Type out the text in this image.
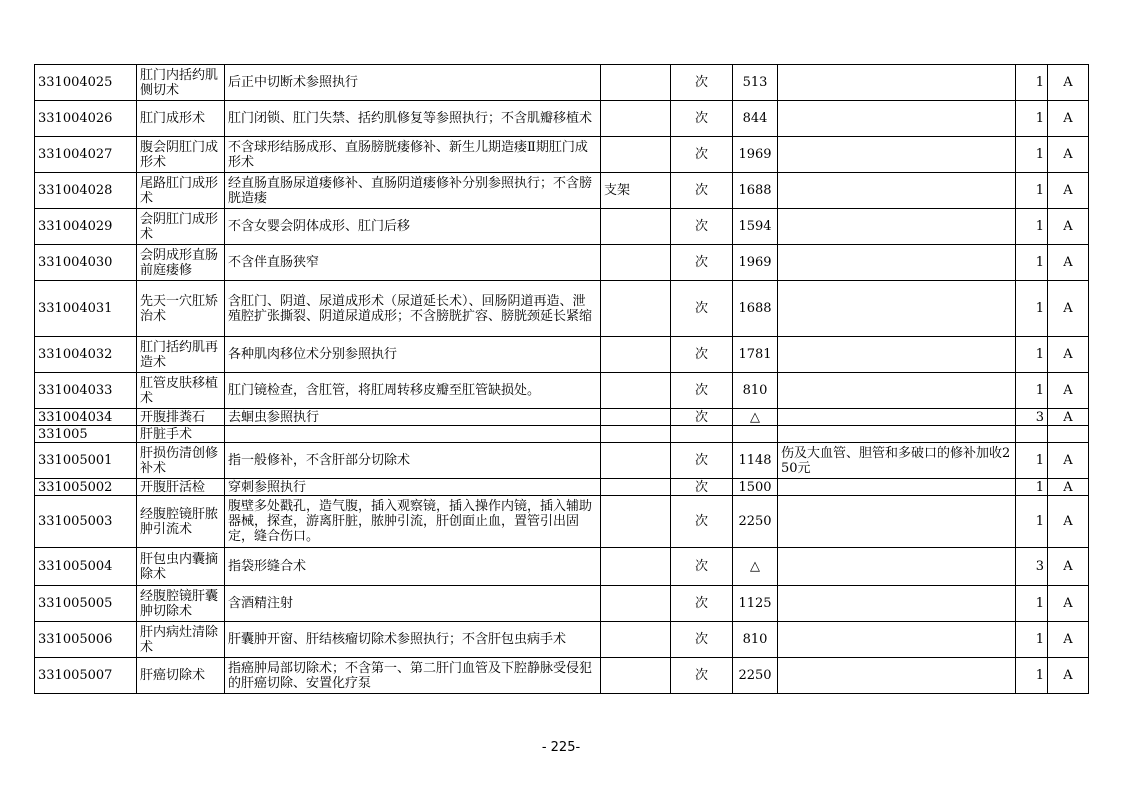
331004025	肛门内括约肌侧切术	后正中切断术参照执行		次	513		1	A
331004026	肛门成形术	肛门闭锁、肛门失禁、括约肌修复等参照执行；不含肌瓣移植术		次	844		1	A
331004027	腹会阴肛门成形术	不含球形结肠成形、直肠膀胱瘘修补、新生儿期造瘘Ⅱ期肛门成形术		次	1969		1	A
331004028	尾路肛门成形术	经直肠直肠尿道瘘修补、直肠阴道瘘修补分别参照执行；不含膀胱造瘘	支架	次	1688		1	A
331004029	会阴肛门成形术	不含女婴会阴体成形、肛门后移		次	1594		1	A
331004030	会阴成形直肠前庭瘘修	不含伴直肠狭窄		次	1969		1	A
331004031	先天一穴肛矫治术	含肛门、阴道、尿道成形术（尿道延长术）、回肠阴道再造、泄殖腔扩张撕裂、阴道尿道成形；不含膀胱扩容、膀胱颈延长紧缩		次	1688		1	A
331004032	肛门括约肌再造术	各种肌肉移位术分别参照执行		次	1781		1	A
331004033	肛管皮肤移植术	肛门镜检查，含肛管，将肛周转移皮瓣至肛管缺损处。		次	810		1	A
331004034	开腹排粪石	去蛔虫参照执行		次	△		3	A
331005	肝脏手术							
331005001	肝损伤清创修补术	指一般修补，不含肝部分切除术		次	1148	伤及大血管、胆管和多破口的修补加收250元	1	A
331005002	开腹肝活检	穿刺参照执行		次	1500		1	A
331005003	经腹腔镜肝脓肿引流术	腹壁多处戳孔，造气腹，插入观察镜，插入操作内镜，插入辅助器械，探查，游离肝脏，脓肿引流，肝创面止血，置管引出固定，缝合伤口。		次	2250		1	A
331005004	肝包虫内囊摘除术	指袋形缝合术		次	△		3	A
331005005	经腹腔镜肝囊肿切除术	含酒精注射		次	1125		1	A
331005006	肝内病灶清除术	肝囊肿开窗、肝结核瘤切除术参照执行；不含肝包虫病手术		次	810		1	A
331005007	肝癌切除术	指癌肿局部切除术；不含第一、第二肝门血管及下腔静脉受侵犯的肝癌切除、安置化疗泵		次	2250		1	A
- 225-
